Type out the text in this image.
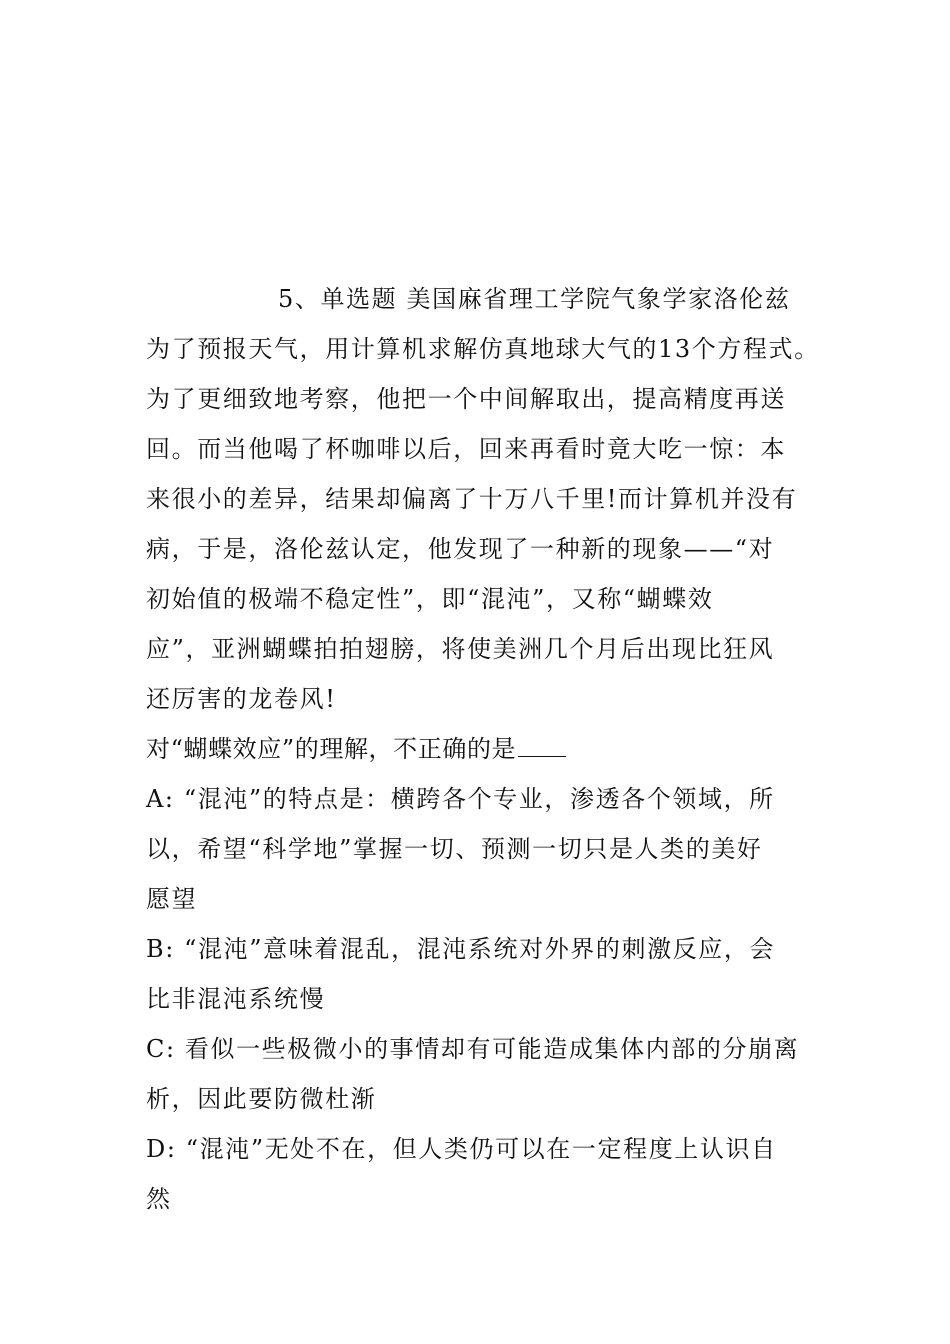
5、单选题 美国麻省理工学院气象学家洛伦兹
为了预报天气，用计算机求解仿真地球大气的13个方程式。
为了更细致地考察，他把一个中间解取出，提高精度再送
回。而当他喝了杯咖啡以后，回来再看时竟大吃一惊：本
来很小的差异，结果却偏离了十万八千里!而计算机并没有
病，于是，洛伦兹认定，他发现了一种新的现象——“对
初始值的极端不稳定性”，即“混沌”，又称“蝴蝶效
应”，亚洲蝴蝶拍拍翅膀，将使美洲几个月后出现比狂风
还厉害的龙卷风!
对“蝴蝶效应”的理解，不正确的是
A: “混沌”的特点是：横跨各个专业，渗透各个领域，所
以，希望“科学地”掌握一切、预测一切只是人类的美好
愿望
B: “混沌”意味着混乱，混沌系统对外界的刺激反应，会
比非混沌系统慢
C: 看似一些极微小的事情却有可能造成集体内部的分崩离
析，因此要防微杜渐
D: “混沌”无处不在，但人类仍可以在一定程度上认识自
然
